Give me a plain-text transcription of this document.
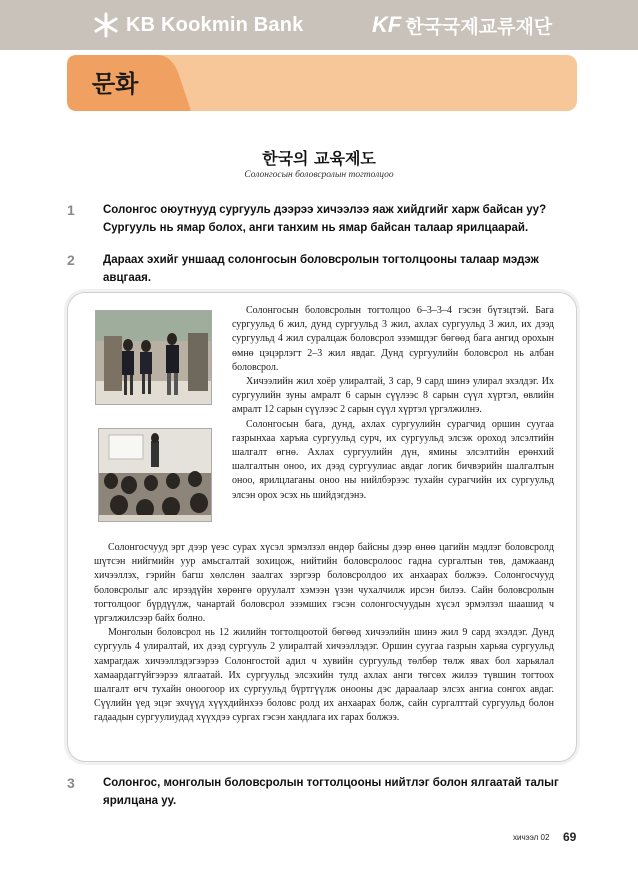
KB Kookmin Bank	KF 한국국제교류재단
문화
한국의 교육제도
Солонгосын боловсролын тогтолцоо
1 Солонгос оюутнууд сургууль дээрээ хичээлээ яаж хийдгийг харж байсан уу? Сургууль нь ямар болох, анги танхим нь ямар байсан талаар ярилцаарай.
2 Дараах эхийг уншаад солонгосын боловсролын тогтолцооны талаар мэдэж авцгаая.

Солонгосын боловсролын тогтолцоо 6–3–3–4 гэсэн бүтэцтэй. Бага сургуульд 6 жил, дунд сургуульд 3 жил, ахлах сургуульд 3 жил, их дээд сургуульд 4 жил суралцаж боловсрол эзэмшдэг бөгөөд бага ангид орохын өмнө цэцэрлэгт 2–3 жил явдаг. Дунд сургуулийн боловсрол нь албан боловсрол.

Хичээлийн жил хоёр улиралтай, 3 сар, 9 сард шинэ улирал эхэлдэг. Их сургуулийн зуны амралт 6 сарын сүүлээс 8 сарын сүүл хүртэл, өвлийн амралт 12 сарын сүүлээс 2 сарын сүүл хүртэл үргэлжилнэ.

Солонгосын бага, дунд, ахлах сургуулийн сурагчид оршин суугаа газрынхаа харъяа сургуульд сурч, их сургуульд элсэж ороход элсэлтийн шалгалт өгнө. Ахлах сургуулийн дүн, ямины элсэлтийн ерөнхий шалгалтын оноо, их дээд сургуулиас авдаг логик бичвэрийн шалгалтын оноо, ярилцлаганы оноо ны нийлбэрээс тухайн сурагчийн их сургуульд элсэн орох эсэх нь шийдэгдэнэ.

Солонгосчууд эрт дээр үеэс сурах хүсэл эрмэлзэл өндөр байсны дээр өнөө цагийн мэдлэг боловсролд шүтсэн нийгмийн уур амьсгалтай зохицож, нийтийн боловсролоос гадна сургалтын төв, дамжаанд хичээллэх, гэрийн багш хөлслөн заалгах зэргээр боловсролдоо их анхаарах болжээ. Солонгосчууд боловсролыг алс ирээдүйн хөрөнгө оруулалт хэмээн үзэн чухалчилж ирсэн билээ. Сайн боловсролын тогтолцоог бүрдүүлж, чанартай боловсрол эзэмших гэсэн солонгосчуудын хүсэл эрмэлзэл шаашид ч үргэлжилсээр байх болно.

Монголын боловсрол нь 12 жилийн тогтолцоотой бөгөөд хичээлийн шинэ жил 9 сард эхэлдэг. Дунд сургууль 4 улиралтай, их дээд сургууль 2 улиралтай хичээллэдэг. Оршин суугаа газрын харьяа сургуульд хамрагдаж хичээллэдэгээрээ Солонгостой адил ч хувийн сургуульд төлбөр төлж явах бол харьялал хамаардаггүйгээрээ ялгаатай. Их сургуульд элсэхийн тулд ахлах анги төгсөх жилээ түвшин тогтоох шалгалт өгч тухайн оноогоор их сургуульд бүртгүүлж онооны дэс дараалаар элсэх ангиа сонгох авдаг. Сүүлийн үед эцэг эхчүүд хүүхдийнхээ боловс ролд их анхаарах болж, сайн сургалттай сургуульд болон гадаадын сургуулиудад хүүхдээ сургах гэсэн хандлага их гарах болжээ.

3 Солонгос, монголын боловсролын тогтолцооны нийтлэг болон ялгаатай талыг ярилцана уу.
хичээл 02 69
